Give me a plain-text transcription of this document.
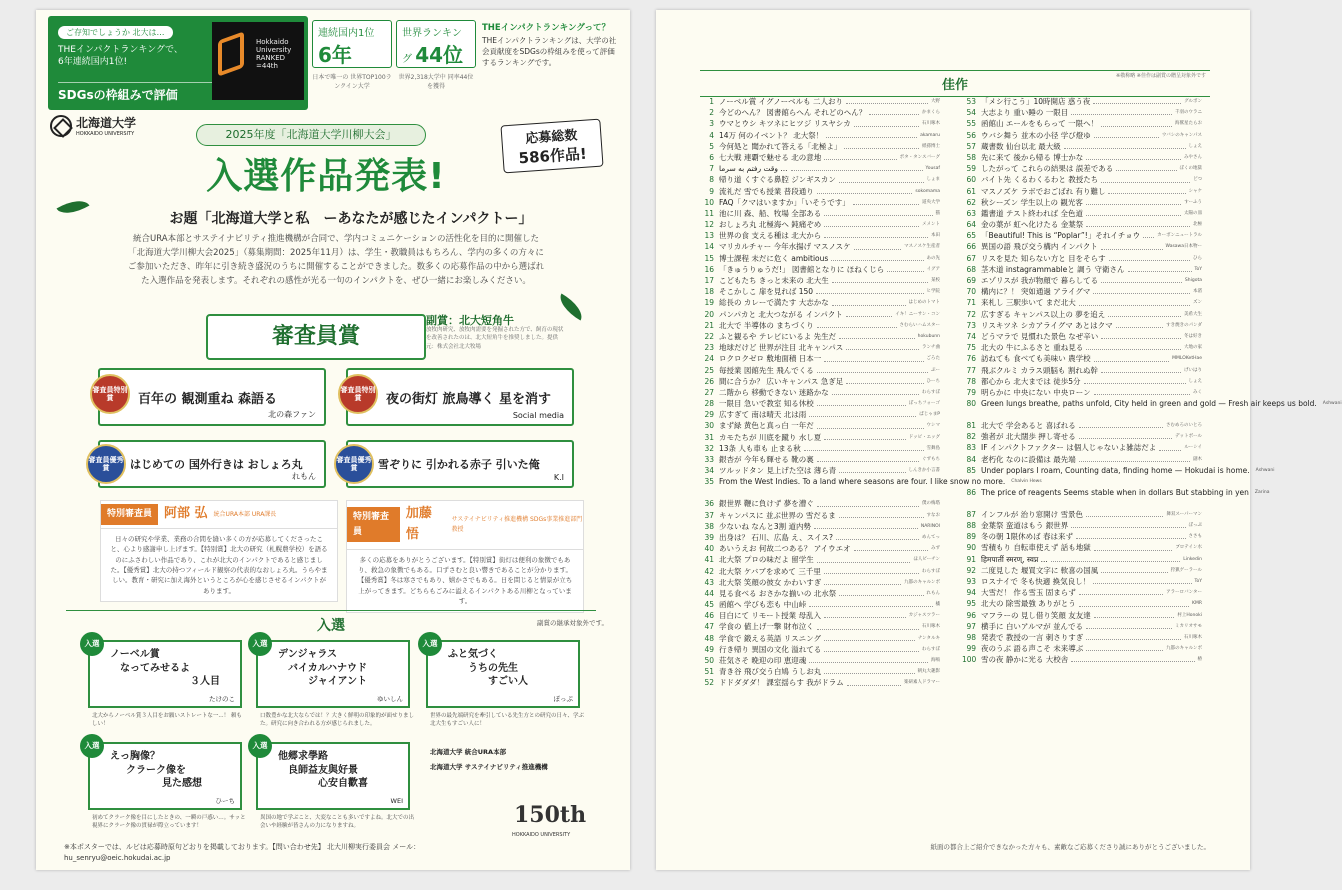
ご存知でしょうか 北大は…
THEインパクトランキングで、
6年連続国内1位!
SDGsの枠組みで評価
Hokkaido University
RANKED =44th
連続国内1位 6年
日本で唯一の 世界TOP100ランクイン大学
世界ランキング 44位
世界2,318大学中 同率44位を獲得
THEインパクトランキングって？
THEインパクトランキングは、大学の社会貢献度をSDGsの枠組みを使って評価するランキングです。
北海道大学
HOKKAIDO UNIVERSITY	2025年度「北海道大学川柳大会」
入選作品発表!
応募総数
586作品!
お題「北海道大学と私　ーあなたが感じたインパクトー」
統合URA本部とサステイナビリティ推進機構が合同で、学内コミュニケーションの活性化を目的に開催した「北海道大学川柳大会2025」（募集期間：2025年11月）は、学生・教職員はもちろん、学内の多くの方々にご参加いただき、昨年に引き続き盛況のうちに開催することができました。数多くの応募作品の中から選ばれた入選作品を発表します。それぞれの感性が光る一句のインパクトを、ぜひ一緒にお楽しみください。
審査員賞
副賞：北大短角牛
放牧肉研究、放牧肉需要を発掘された方で、飼育の現状を改善されたのは、北大短角牛を推奨しました。提供元：株式会社北大牧場
百年の 観測重ね 森語る
北の森ファン
審査員特別賞	夜の街灯 旅鳥導く 星を消す
Social media
審査員特別賞
はじめての 国外行きは おしょろ丸
れもん
審査員優秀賞	雪ぞりに 引かれる赤子 引いた俺
K.I
審査員優秀賞
特別審査員 阿部 弘 統合URA本部 URA課長
日々の研究や学業、業務の合間を縫い多くの方が応募してくださったこと、心より感謝申し上げます。【特別賞】北大の研究（札幌農学校）を語るのにふさわしい作品であり、これが北大のインパクトであると感じました。【優秀賞】北大の持つフィールド観察の代表的なおしょろ丸。うらやましい。教育・研究に加え海外というところが心を感じさせるインパクトがあります。
特別審査員
加藤 悟
サステイナビリティ推進機構 SDGs事業推進部門 教授
多くの応募をありがとうございます。【特別賞】街灯は便利の象徴でもあり、救急の象徴でもある。口ずさむと良い響きであることが分かります。【優秀賞】冬は寒さでもあり、嬉かさでもある。日を問じると情景が立ち上がってきます。どちらもごみに溢えるインパクトある川柳となっています。
入選	副賞の継承対象外です。
入選
ノーベル賞
なってみせるよ
３人目
たけのこ
北大からノーベル賞３人目をお願いストレートな一...！ 頼もしい！
入選
デンジャラス
バイカルハナウド
ジャイアント
ゆいしん
口数豊かな北大ならでは！？大きく鮮明の印象的が面せりました。研究に向き合われる方が感じられました。
入選
ふと気づく
うちの先生
すごい人
ぽっぷ
世界の最先端研究を牽引している先生方との研究の日々、学ぶ北大生もすごい人に！
入選
えっ胸像？
クラーク像を
見た感想
ひーち
初めてクラーク像を目にしたときの、一瞬の戸惑い…。サッと視界にクラーク像の貫禄が際立っています！
入選
他郷求學路
良師益友與好景
心安自歡喜
WEI
異国の地で学ぶこと、大変なことも多いですよね。北大での出会いや経験が皆さんの力になりますね。
北海道大学 統合URA本部
北海道大学 サステイナビリティ推進機構
150th
HOKKAIDO UNIVERSITY
※本ポスターでは、ルビは応募時原句どおりを掲載しております。【問い合わせ先】 北大川柳実行委員会 メール： hu_senryu@oeic.hokudai.ac.jp
佳作
※敬称略 ※佳作は副賞の贈呈対象外です
1 ノーベル賞 イグノーベルも 二人おり	大野
2 今どのへん？ 図書館らへん それどのへん？	かまくら
3 ウマとウシ キツネにヒツジ リスヤシカ	石川啄木
4 14万 何のイベント？ 北大祭！	akamaru
5 今何処と 聞かれて答える「北極よ」	紙孫博士
6 七大戦 連覇で魅せる 北の意地	ポタ・タンスバーグ
7 وقت رفتم به سرما ...	Yousaf
8 帰り道 くすぐる鼻腔 ジンギスカン	しょま
9 流礼だ 雪でも授業 普段通り	sokomama
10 FAQ「クマはいますか」「いそうです」	道央大学
11 池に川 森、船、牧場 全部ある	猫
12 おしょろ丸 北極海へ 鈍痛ぞめ	メメント
13 世界の食 支える種は 北大から	本田
14 マリカルチャー 今年水揚げ マスノスケ	マスノスケ生産者
15 博士課程 未だに危く ambitious	あの先
16 「きゅうりゅうだ!」 図書館となりに ほねくじら	イグア
17 こどもたち きっと未来の 北大生	某校
18 そこかしこ 扉を見れば 150	ヒ学院
19 総長の カレーで満たす 大志かな	はじめのトマト
20 パンパカと 北大つながる インパクト	イキ！ニーサン・コン
21 北大で 半導体の まちづくり	さむらいハムスター
22 ふと観るや テレビにいるよ 先生だ	hokubunn
23 地球だけど 世界が注目 北キャンパス	ランチ曲
24 ロクロクゼロ 敷地面積 日本一	ごろた
25 毎授業 図館先生 飛んでくる	ぷー
26 間に合うか？ 広いキャンパス 急ぎ足	ひーち
27 二階から 移動できない 迷路かな	わらすぼ
28 一限目 急いで教室 知る休校	ぽっちフォーゴ
29 広すぎて 南は晴天 北は雨	ぱじゃまP
30 まず緑 黄色と真っ白 一年だ	ウシマ
31 カモたちが 川底を蹴り 水し夏	ドッピ・エッグ
32 13条 人も車も 止まる秋	雪舞島
33 銀杏が 今年も輝せる 靴の裏	ぐずもち
34 ツルッドタン 見上げた空は 薄ら青	しんきか小言書
35 From the West Indies. To a land where seasons are four. I like snow no more. Chalvin Hews
36 銀世界 鞭に負けず 夢を漕ぐ	僕の梅塔
37 キャンパスに 並ぶ世界の 雪だるま	すなお
38 少ないね なんと3割 道内勢	NARINOI
39 出身は？ 石川、広島 え、スイス?	めんてっ
40 あいうえお 何故二つある？ アイウエオ	みず
41 北大祭 プロの味だよ 留学生	ほ人ビーチン
42 北大祭 ケバブを求めて 三千里	わらすぼ
43 北大祭 笑顔の彼女 かわいすぎ	九都のキャルンボ
44 見る食べる おさかな揃いの 北水祭	れもん
45 函館へ 学びも恋も 中山峠	橘
46 目白にて リモート授業 母乱入	カジャスツラー
47 学食の 値上げ一撃 財布泣く	石川啄木
48 学食で 鍛える英語 リスニング	ナンタルキ
49 行き帰り 異国の文化 溢れてる	わらすぼ
50 荘気さそ 晩迎の印 恵迎魂	海鳴
51 青き谷 飛び交う白鳩 うしお丸	朝丸大趣影
52 ドドダダダ！ 課室揺らす 我がドラム	楽研素人ドラマー
53 「メシ行こう」10時開店 惑う夜	グルボン
54 大志より 重い睡の 一限目	千羽のウラニ
55 函館山 エールをもらって 一限へ！	海鷲星たらお
56 ウバシ舞う 並木の小径 学び燈ゆ	ウバシのキャンパス
57 蔵書数 仙台以北 最大級	しょえ
58 先に来て 後から帰る 博士かな	みやさん
59 したがって これらの結果は 誤差である	ぼくの地獄
60 バイト先 くるわくるわと 教授たち	どつ
61 マスノズケ ラボでおごばれ 有り難し	シャケ
62 秋シーズン 学生以上の 観光客	すーふう
63 鑑書道 テスト終われば 全色道	太陽の皿
64 金の葉が 虹へ化けたる 金葉祭	北極
65 「Beautiful! This is “Poplar”!」それイチョウ	カーボンニュートラル
66 異国の語 飛び交う構内 インパクト	Wasawa日本物ー
67 リスを見た 知らない方と 目をそらす	ひら
68 茎木道 instagrammableと 調う 守衛さん	ToY
69 エゾリスが 我が物顔で 暮らしてる	Shigota
70 構内に？！ 突如通過 アライグマ	本渚
71 来札し 三駅歩いて まだ北大	ズン
72 広すぎる キャンパス以上の 夢を追え	美希大生
73 リスキツネ シカアライグマ あとはクマ	すき焼きのパンダ
74 どうマラで 見慣れた景色 なぜ辛い	冬は好き
75 北大の 牛にふるさと 重ね見る	大地の家
76 訪ねても 食べても美味い 農学校	MMLOKetHae
77 飛ぶクルミ カラス頭脳も 割れぬ幹	げいはり
78 都心から 北大までは 徒歩5分	しょえ
79 明らかに 中央にない 中央ローン	みく
80 Green lungs breathe, paths unfold, City held in green and gold — Fresh air keeps us bold. Ashwani
81 北大で 学会あると 喜ばれる	さむめろのいとろ
82 強者が 北大闊歩 押し寄せる	デットボール
83 IF インパクトファクター は個人じゃないよ雑誌だよ	ルーシイ
84 老朽化 なのに設備は 最先端	副木
85 Under poplars I roam, Counting data, finding home — Hokudai is home. Ashwani
86 The price of reagents Seems stable when in dollars But stabbing in yen Zarina
87 インフルが 治り窓開け 雪景色	舞双スーパーマン
88 金葉祭 蛮道はもう 銀世界	ぽっぷ
89 冬の朝 1限休めば 春は来ず	ささも
90 雪積もり 自転車使えず 話も地獄	ブロテイン水
91 हिमपातीं स्मरण्, स्वप्न ...	Linkedin
92 二度見した 堰買文字に 軟喜の国風	狩猟ゲーラール
93 ロスナイで 冬も快適 換気良し！	ToY
94 大雪だ！ 作る雪玉 固まらず	アラーロバンター
95 北大の 除雪最強 ありがとう	KMR
96 マフラーの 見し借り笑顔 友友達	村上Honoki
97 横手に 白いアルマが 並んでる	ミカリオサモ
98 発表で 教授の一言 刺さりすぎ	石川啄木
99 夜のうぶ 語る声こそ 未来導ぶ	九都のキャルンボ
100 雪の夜 静かに光る 大校舎	椿
紙面の都合上ご紹介できなかった方々も、素敵なご応募くださり誠にありがとうございました。
